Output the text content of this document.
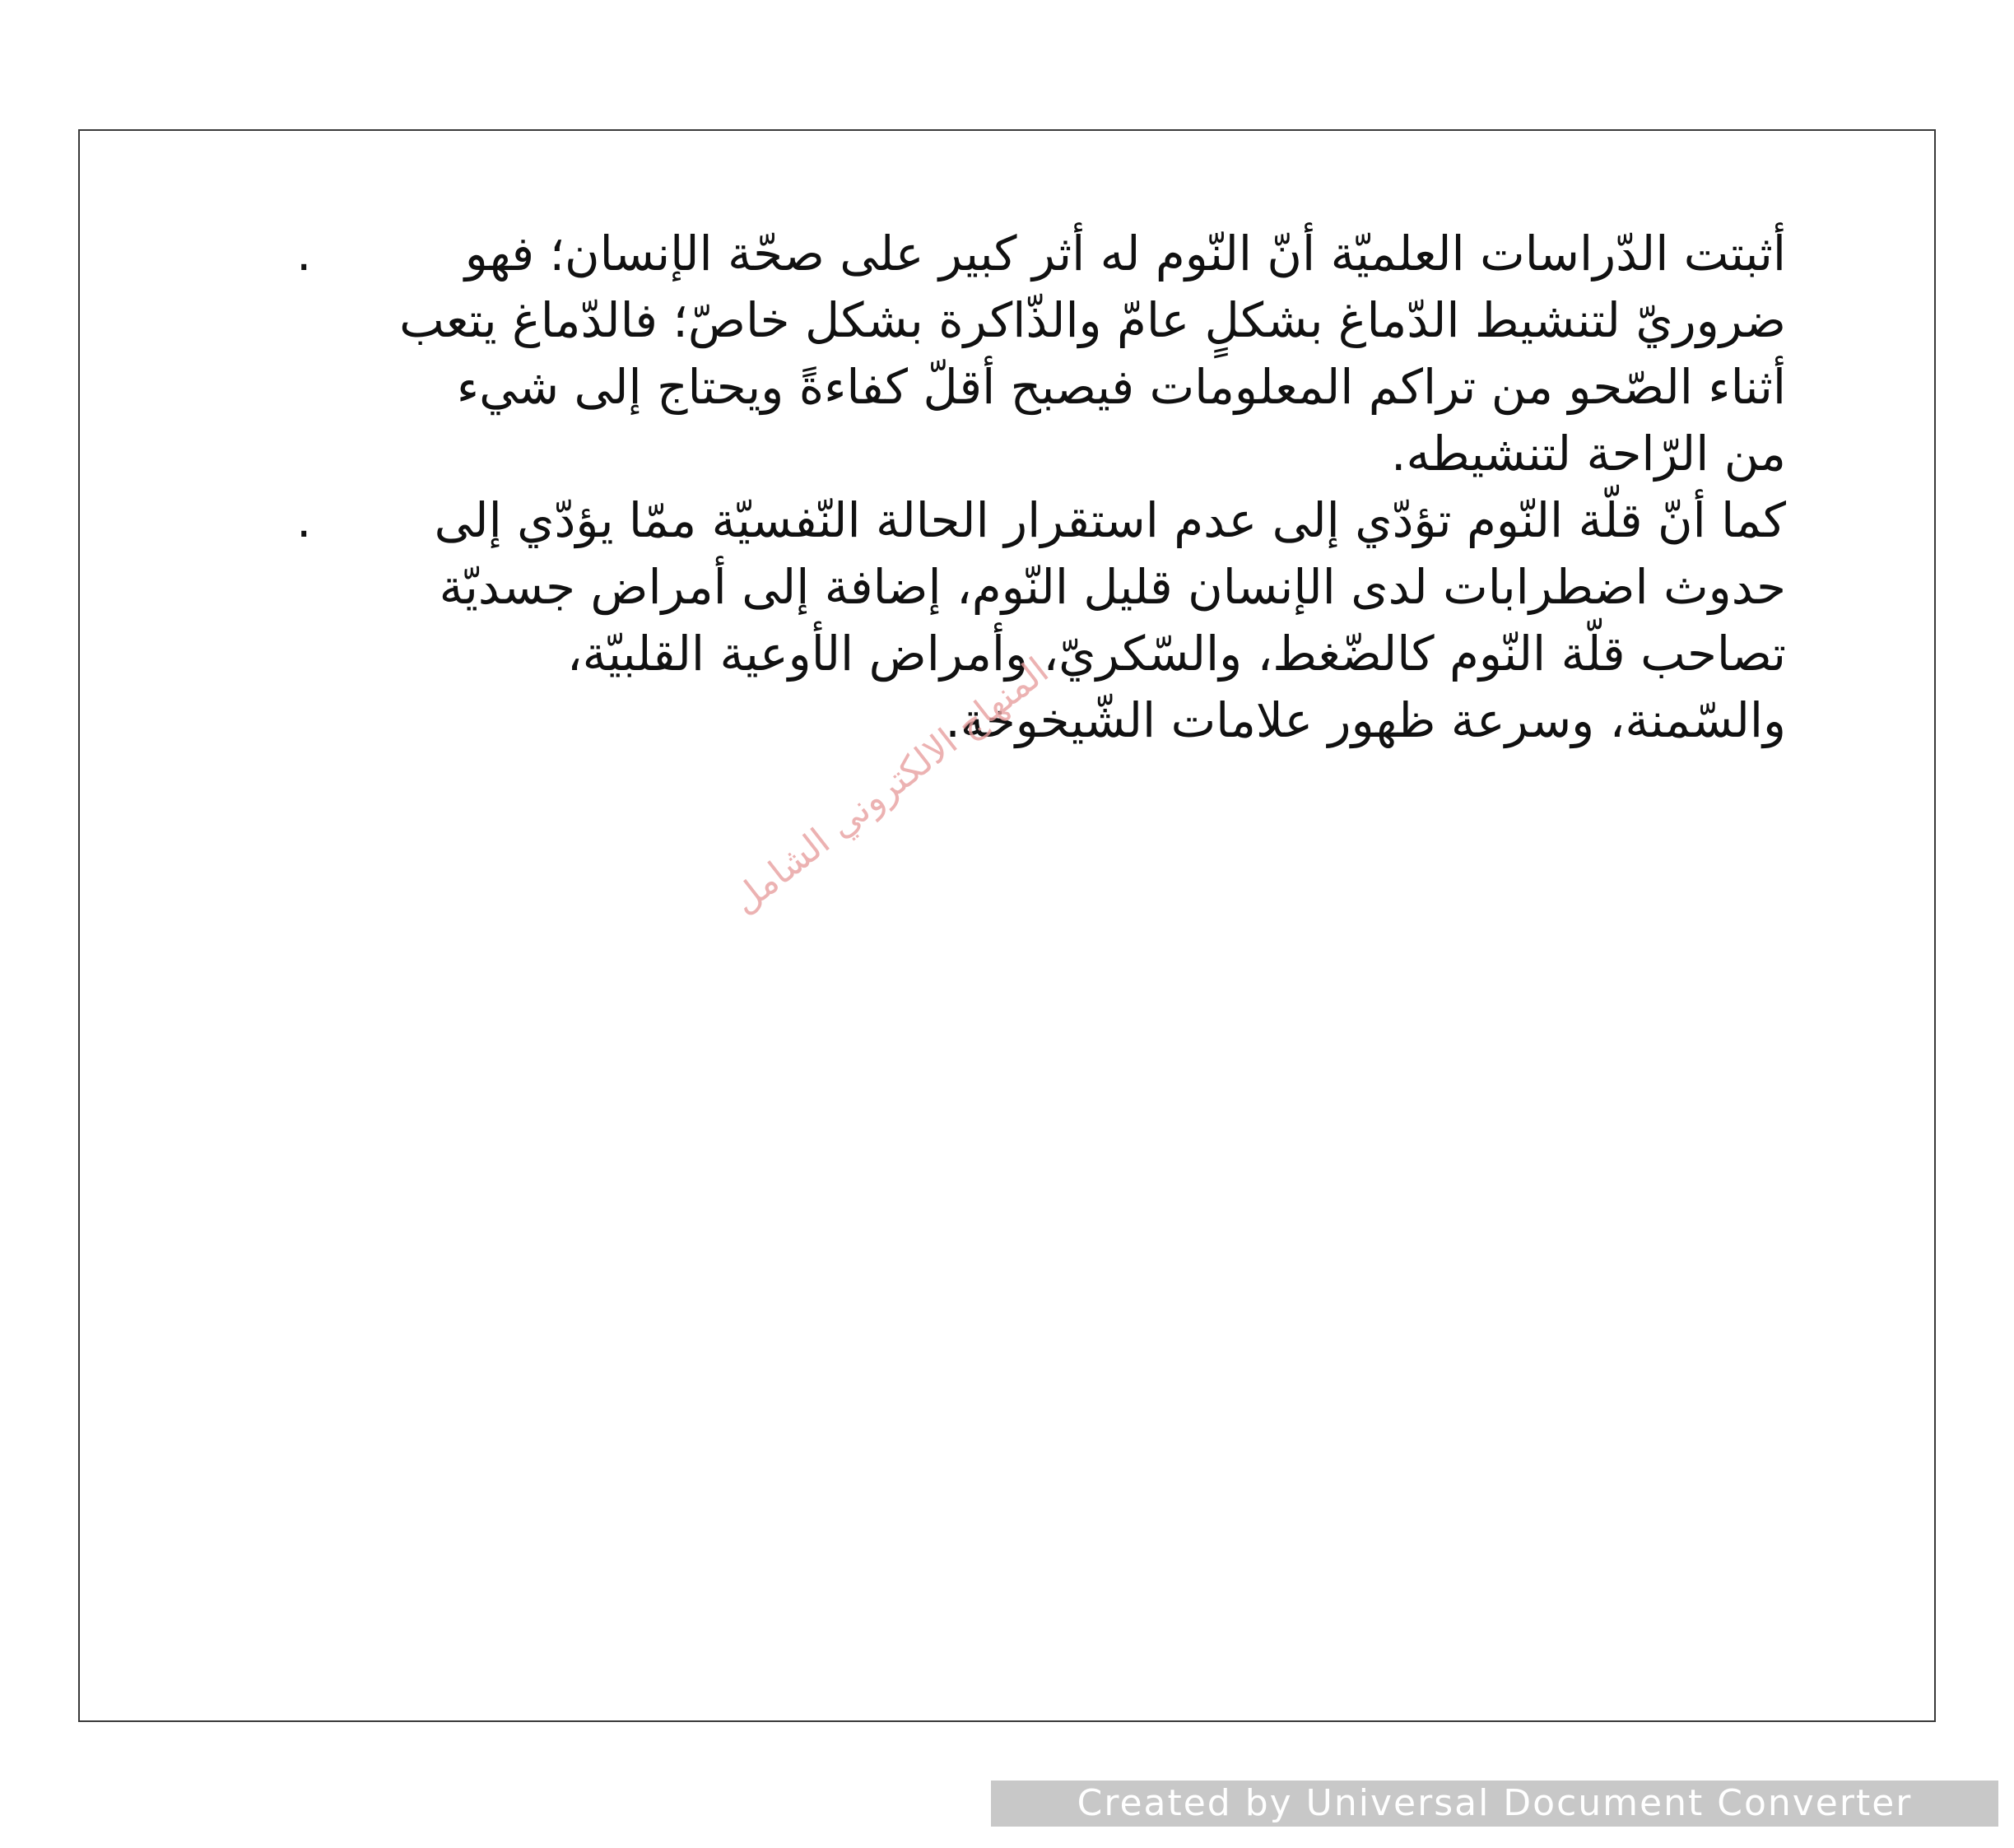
.	أثبتت الدّراسات العلميّة أنّ النّوم له أثر كبير على صحّة الإنسان؛ فهو ضروريّ لتنشيط الدّماغ بشكلٍ عامّ والذّاكرة بشكل خاصّ؛ فالدّماغ يتعب أثناء الصّحو من تراكم المعلومات فيصبح أقلّ كفاءةً ويحتاج إلى شيء من الرّاحة لتنشيطه.
.	كما أنّ قلّة النّوم تؤدّي إلى عدم استقرار الحالة النّفسيّة ممّا يؤدّي إلى حدوث اضطرابات لدى الإنسان قليل النّوم، إضافة إلى أمراض جسديّة تصاحب قلّة النّوم كالضّغط، والسّكريّ، وأمراض الأوعية القلبيّة، والسّمنة، وسرعة ظهور علامات الشّيخوخة.
المنهاج الالكتروني الشامل
Created by Universal Document Converter
